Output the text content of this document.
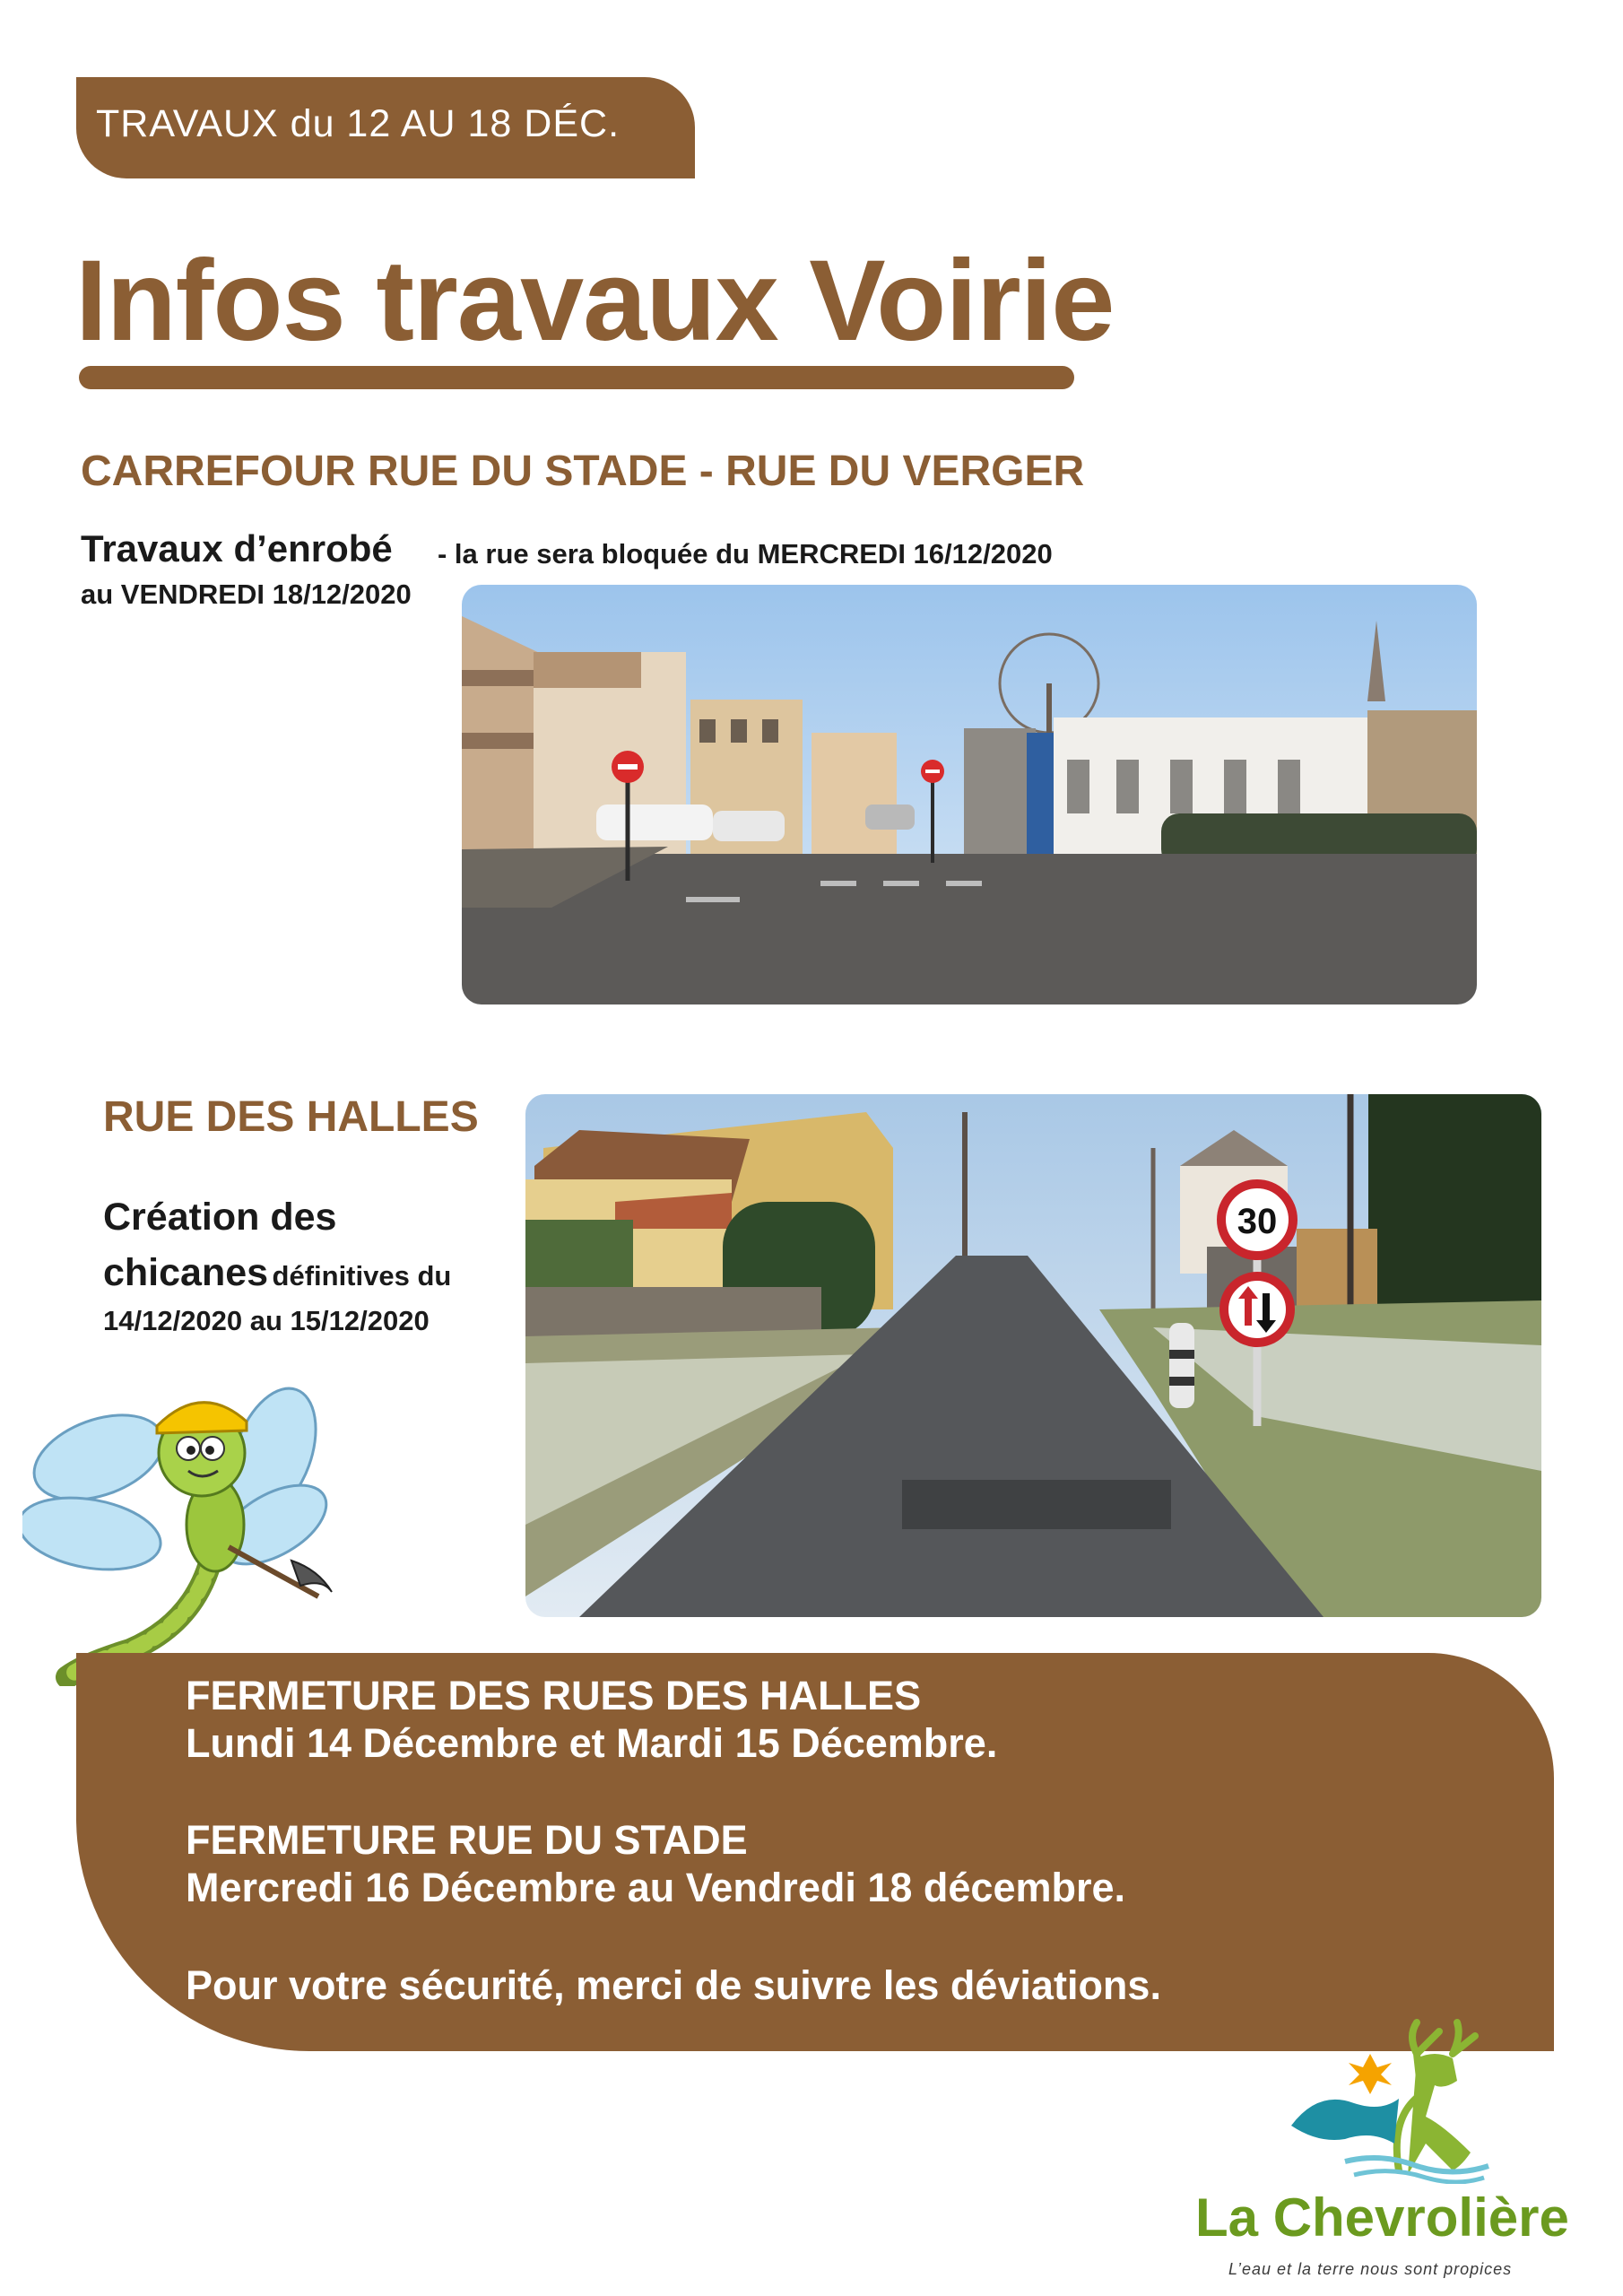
TRAVAUX du 12 AU 18 DÉC.
Infos travaux Voirie
CARREFOUR RUE DU STADE - RUE DU VERGER
Travaux d’enrobé - la rue sera bloquée du MERCREDI 16/12/2020
au VENDREDI 18/12/2020
RUE DES HALLES
Création des
chicanes définitives du
14/12/2020 au 15/12/2020
30
FERMETURE DES RUES DES HALLES
Lundi 14 Décembre et Mardi 15 Décembre.
FERMETURE RUE DU STADE
Mercredi 16 Décembre au Vendredi 18 décembre.
Pour votre sécurité, merci de suivre les déviations.
La Chevrolière
L’eau et la terre nous sont propices
